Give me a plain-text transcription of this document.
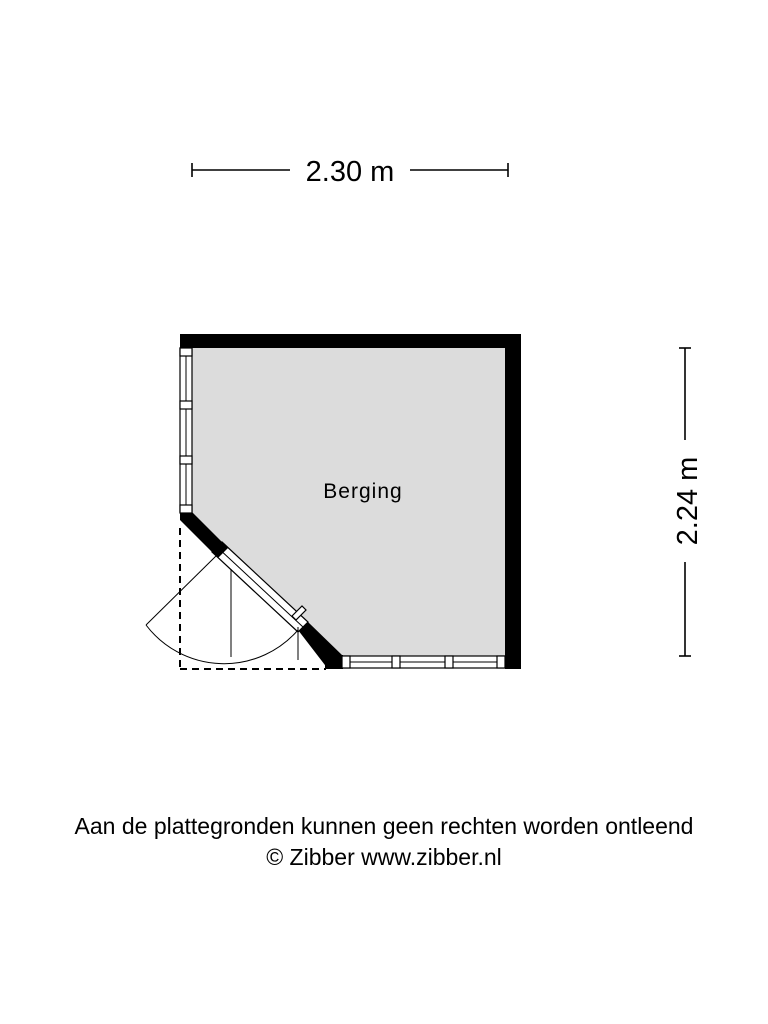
2.30 m
2.24 m
Berging
Aan de plattegronden kunnen geen rechten worden ontleend
© Zibber www.zibber.nl
